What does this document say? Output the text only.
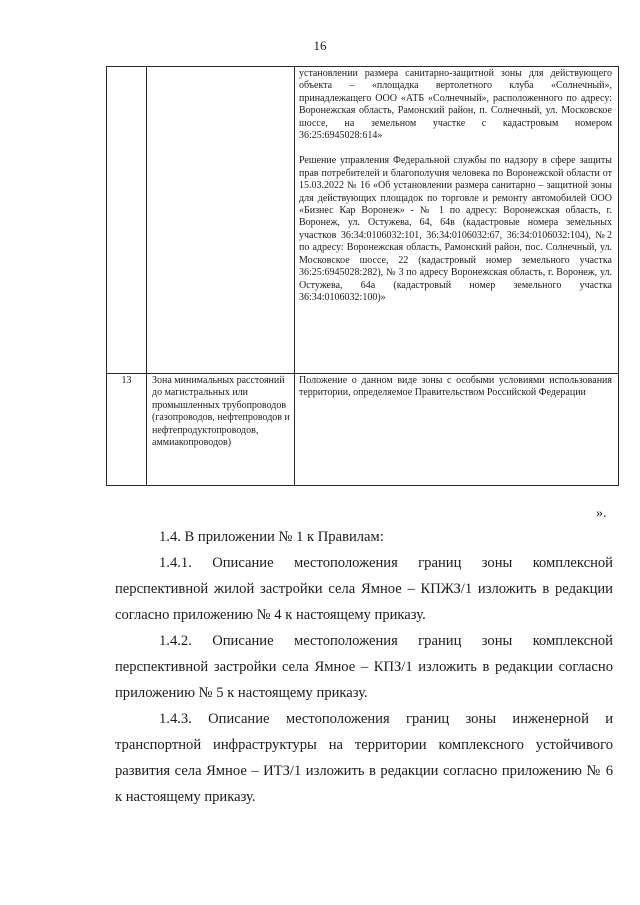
16

		установлении размера санитарно-защитной зоны для действующего объекта – «площадка вертолетного клуба «Солнечный», принадлежащего ООО «АТБ «Солнечный», расположенного по адресу: Воронежская область, Рамонский район, п. Солнечный, ул. Московское шоссе, на земельном участке с кадастровым номером 36:25:6945028:614»

Решение управления Федеральной службы по надзору в сфере защиты прав потребителей и благополучия человека по Воронежской области от 15.03.2022 № 16 «Об установлении размера санитарно – защитной зоны для действующих площадок по торговле и ремонту автомобилей ООО «Бизнес Кар Воронеж» - № 1 по адресу: Воронежская область, г. Воронеж, ул. Остужева, 64, 64в (кадастровые номера земельных участков 36:34:0106032:101, 36:34:0106032:67, 36:34:0106032:104), №2 по адресу: Воронежская область, Рамонский район, пос. Солнечный, ул. Московское шоссе, 22 (кадастровый номер земельного участка 36:25:6945028:282), № 3 по адресу Воронежская область, г. Воронеж, ул. Остужева, 64а (кадастровый номер земельного участка 36:34:0106032:100)»

13	Зона минимальных расстояний до магистральных или промышленных трубопроводов (газопроводов, нефтепроводов и нефтепродуктопроводов, аммиакопроводов)	Положение о данном виде зоны с особыми условиями использования территории, определяемое Правительством Российской Федерации

».

1.4. В приложении № 1 к Правилам:

1.4.1. Описание местоположения границ зоны комплексной перспективной жилой застройки села Ямное – КПЖЗ/1 изложить в редакции согласно приложению № 4 к настоящему приказу.

1.4.2. Описание местоположения границ зоны комплексной перспективной застройки села Ямное – КПЗ/1 изложить в редакции согласно приложению № 5 к настоящему приказу.

1.4.3. Описание местоположения границ зоны инженерной и транспортной инфраструктуры на территории комплексного устойчивого развития села Ямное – ИТЗ/1 изложить в редакции согласно приложению № 6 к настоящему приказу.
